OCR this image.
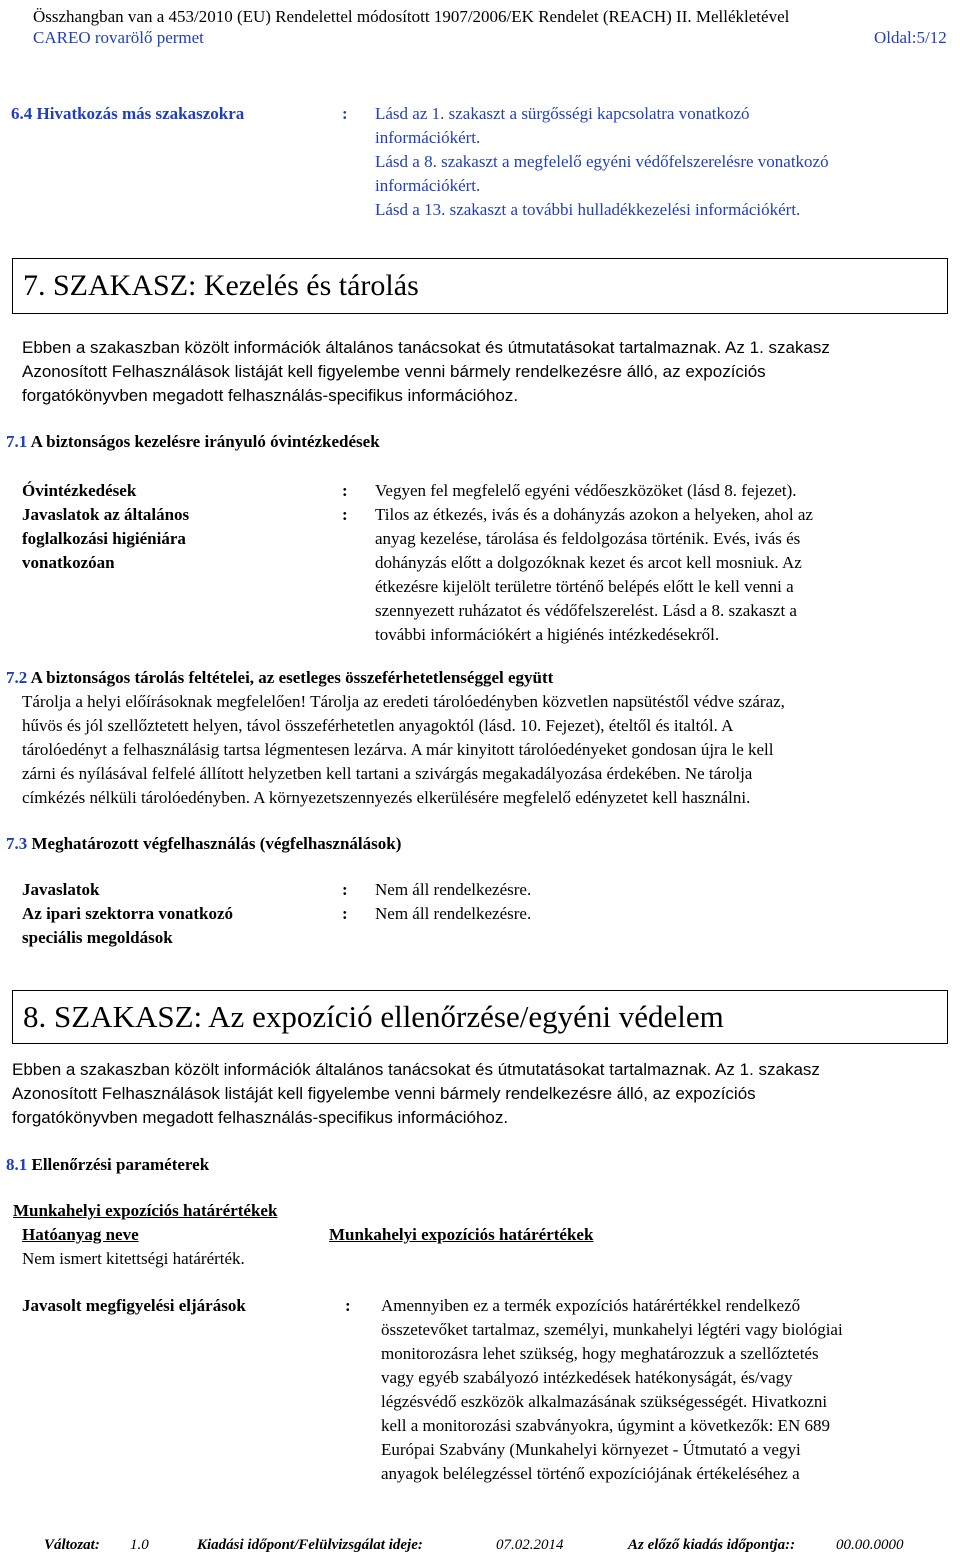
Összhangban van a 453/2010 (EU) Rendelettel módosított 1907/2006/EK Rendelet (REACH) II. Mellékletével
CAREO rovarölő permet	Oldal:5/12
6.4 Hivatkozás más szakaszokra	: Lásd az 1. szakaszt a sürgősségi kapcsolatra vonatkozó
információkért.
Lásd a 8. szakaszt a megfelelő egyéni védőfelszerelésre vonatkozó
információkért.
Lásd a 13. szakaszt a további hulladékkezelési információkért.
7. SZAKASZ: Kezelés és tárolás
Ebben a szakaszban közölt információk általános tanácsokat és útmutatásokat tartalmaznak. Az 1. szakasz
Azonosított Felhasználások listáját kell figyelembe venni bármely rendelkezésre álló, az expozíciós
forgatókönyvben megadott felhasználás-specifikus információhoz.
7.1 A biztonságos kezelésre irányuló óvintézkedések
Óvintézkedések	: Vegyen fel megfelelő egyéni védőeszközöket (lásd 8. fejezet).
Javaslatok az általános
foglalkozási higiéniára
vonatkozóan
: Tilos az étkezés, ivás és a dohányzás azokon a helyeken, ahol az
anyag kezelése, tárolása és feldolgozása történik. Evés, ivás és
dohányzás előtt a dolgozóknak kezet és arcot kell mosniuk. Az
étkezésre kijelölt területre történő belépés előtt le kell venni a
szennyezett ruházatot és védőfelszerelést. Lásd a 8. szakaszt a
további információkért a higiénés intézkedésekről.
7.2 A biztonságos tárolás feltételei, az esetleges összeférhetetlenséggel együtt
Tárolja a helyi előírásoknak megfelelően! Tárolja az eredeti tárolóedényben közvetlen napsütéstől védve száraz,
hűvös és jól szellőztetett helyen, távol összeférhetetlen anyagoktól (lásd. 10. Fejezet), ételtől és italtól. A
tárolóedényt a felhasználásig tartsa légmentesen lezárva. A már kinyitott tárolóedényeket gondosan újra le kell
zárni és nyílásával felfelé állított helyzetben kell tartani a szivárgás megakadályozása érdekében. Ne tárolja
címkézés nélküli tárolóedényben. A környezetszennyezés elkerülésére megfelelő edényzetet kell használni.
7.3 Meghatározott végfelhasználás (végfelhasználások)
Javaslatok	: Nem áll rendelkezésre.
Az ipari szektorra vonatkozó
speciális megoldások
: Nem áll rendelkezésre.
8. SZAKASZ: Az expozíció ellenőrzése/egyéni védelem
Ebben a szakaszban közölt információk általános tanácsokat és útmutatásokat tartalmaznak. Az 1. szakasz
Azonosított Felhasználások listáját kell figyelembe venni bármely rendelkezésre álló, az expozíciós
forgatókönyvben megadott felhasználás-specifikus információhoz.
8.1 Ellenőrzési paraméterek
Munkahelyi expozíciós határértékek
Hatóanyag neve	Munkahelyi expozíciós határértékek
Nem ismert kitettségi határérték.
Javasolt megfigyelési eljárások	: Amennyiben ez a termék expozíciós határértékkel rendelkező
összetevőket tartalmaz, személyi, munkahelyi légtéri vagy biológiai
monitorozásra lehet szükség, hogy meghatározzuk a szellőztetés
vagy egyéb szabályozó intézkedések hatékonyságát, és/vagy
légzésvédő eszközök alkalmazásának szükségességét. Hivatkozni
kell a monitorozási szabványokra, úgymint a következők: EN 689
Európai Szabvány (Munkahelyi környezet - Útmutató a vegyi
anyagok belélegzéssel történő expozíciójának értékeléséhez a
Változat: 1.0	Kiadási időpont/Felülvizsgálat ideje:	07.02.2014	Az előző kiadás időpontja::	00.00.0000
